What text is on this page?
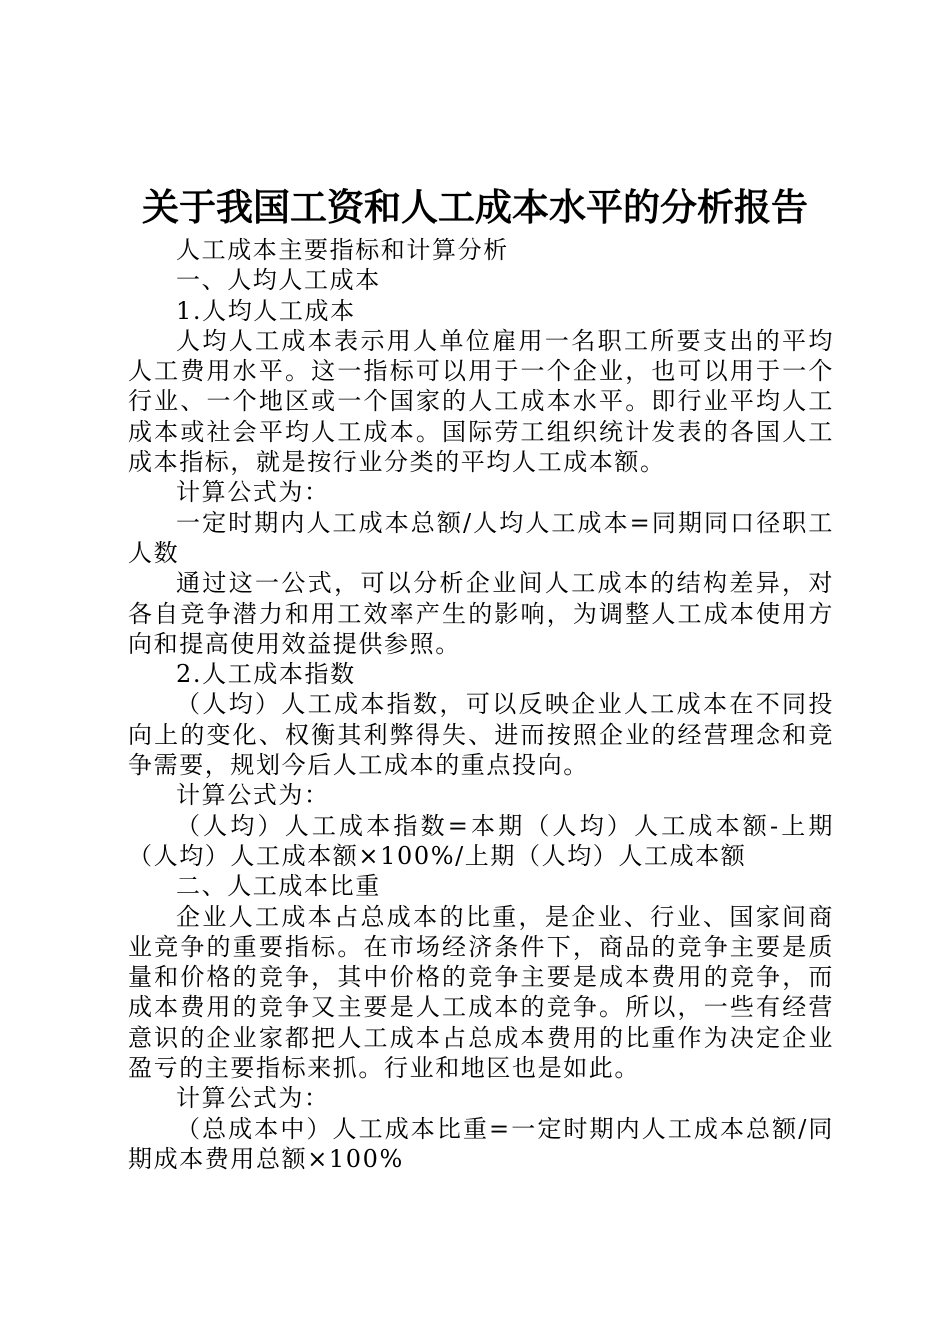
关于我国工资和人工成本水平的分析报告

人工成本主要指标和计算分析

一、人均人工成本

1.人均人工成本

人均人工成本表示用人单位雇用一名职工所要支出的平均人工费用水平。这一指标可以用于一个企业，也可以用于一个行业、一个地区或一个国家的人工成本水平。即行业平均人工成本或社会平均人工成本。国际劳工组织统计发表的各国人工成本指标，就是按行业分类的平均人工成本额。

计算公式为：

一定时期内人工成本总额/人均人工成本=同期同口径职工人数

通过这一公式，可以分析企业间人工成本的结构差异，对各自竞争潜力和用工效率产生的影响，为调整人工成本使用方向和提高使用效益提供参照。

2.人工成本指数

（人均）人工成本指数，可以反映企业人工成本在不同投向上的变化、权衡其利弊得失、进而按照企业的经营理念和竞争需要，规划今后人工成本的重点投向。

计算公式为：

（人均）人工成本指数=本期（人均）人工成本额-上期（人均）人工成本额×100%/上期（人均）人工成本额

二、人工成本比重

企业人工成本占总成本的比重，是企业、行业、国家间商业竞争的重要指标。在市场经济条件下，商品的竞争主要是质量和价格的竞争，其中价格的竞争主要是成本费用的竞争，而成本费用的竞争又主要是人工成本的竞争。所以，一些有经营意识的企业家都把人工成本占总成本费用的比重作为决定企业盈亏的主要指标来抓。行业和地区也是如此。

计算公式为：

（总成本中）人工成本比重=一定时期内人工成本总额/同期成本费用总额×100%
